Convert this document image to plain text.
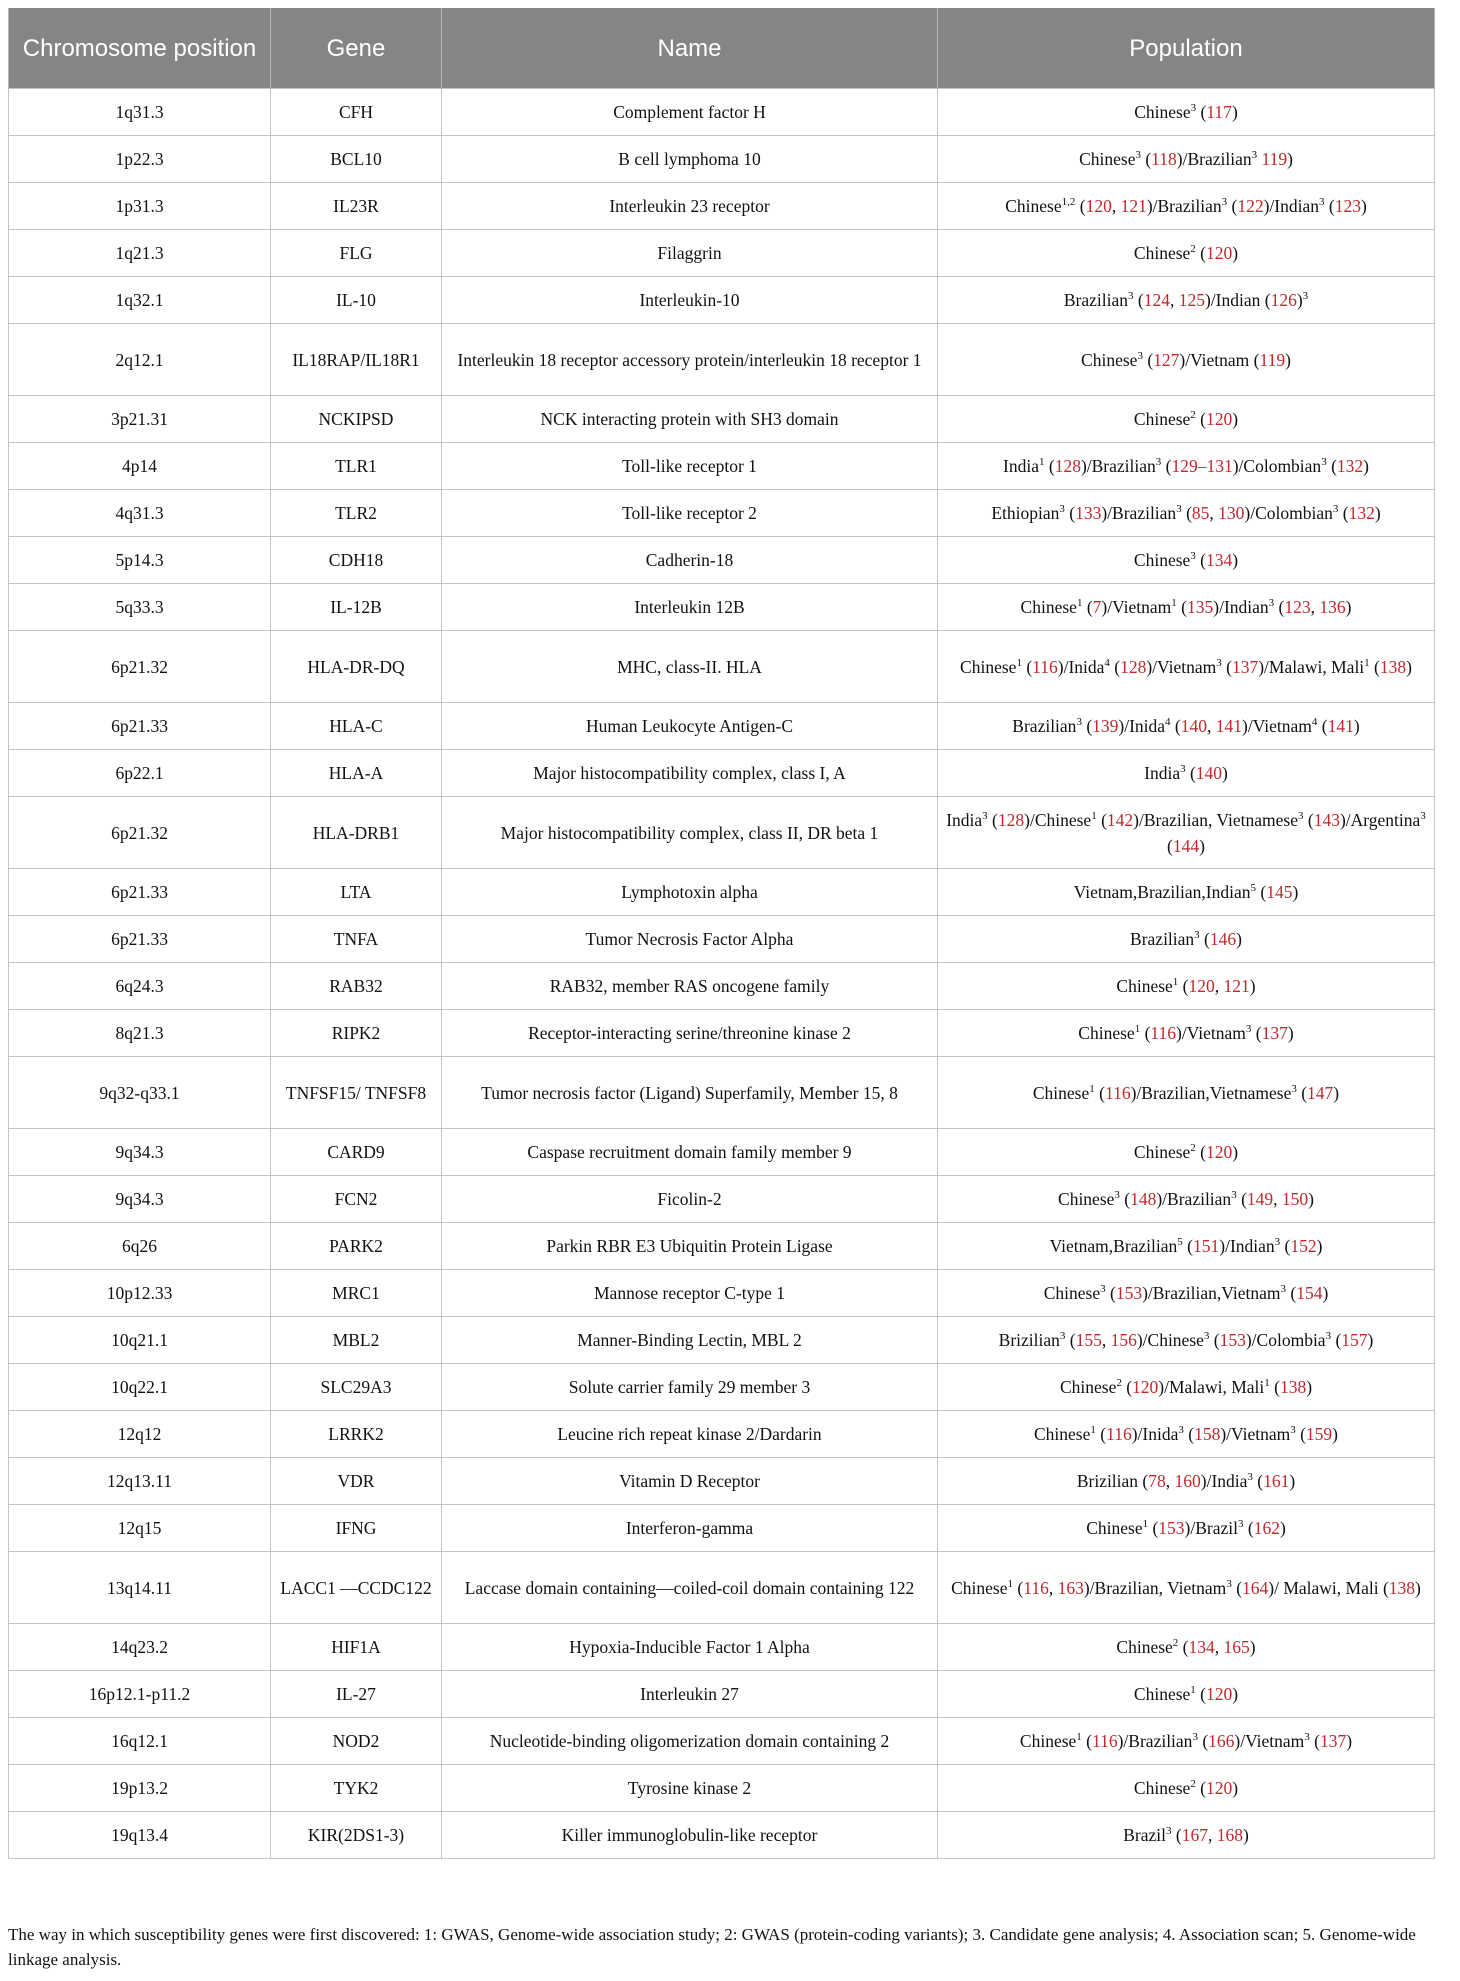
Chromosome position	Gene	Name	Population
1q31.3	CFH	Complement factor H	Chinese$^3$ (117)
1p22.3	BCL10	B cell lymphoma 10	Chinese$^3$ (118)/Brazilian$^3$ 119)
1p31.3	IL23R	Interleukin 23 receptor	Chinese$^{1,2}$ (120, 121)/Brazilian$^3$ (122)/Indian$^3$ (123)
1q21.3	FLG	Filaggrin	Chinese$^2$ (120)
1q32.1	IL-10	Interleukin-10	Brazilian$^3$ (124, 125)/Indian $(126)^3$
2q12.1	IL18RAP/IL18R1	Interleukin 18 receptor accessory protein/interleukin 18 receptor 1	Chinese$^3$ (127)/Vietnam (119)
3p21.31	NCKIPSD	NCK interacting protein with SH3 domain	Chinese$^2$ (120)
4p14	TLR1	Toll-like receptor 1	India$^1$ (128)/Brazilian$^3$ (129–131)/Colombian$^3$ (132)
4q31.3	TLR2	Toll-like receptor 2	Ethiopian$^3$ (133)/Brazilian$^3$ (85, 130)/Colombian$^3$ (132)
5p14.3	CDH18	Cadherin-18	Chinese$^3$ (134)
5q33.3	IL-12B	Interleukin 12B	Chinese$^1$ (7)/Vietnam$^1$ (135)/Indian$^3$ (123, 136)
6p21.32	HLA-DR-DQ	MHC, class-II. HLA	Chinese$^1$ (116)/Inida$^4$ (128)/Vietnam$^3$ (137)/Malawi, Mali$^1$ (138)
6p21.33	HLA-C	Human Leukocyte Antigen-C	Brazilian$^3$ (139)/Inida$^4$ (140, 141)/Vietnam$^4$ (141)
6p22.1	HLA-A	Major histocompatibility complex, class I, A	India$^3$ (140)
6p21.32	HLA-DRB1	Major histocompatibility complex, class II, DR beta 1	India$^3$ (128)/Chinese$^1$ (142)/Brazilian, Vietnamese$^3$ (143)/Argentina$^3$ (144)
6p21.33	LTA	Lymphotoxin alpha	Vietnam,Brazilian,Indian$^5$ (145)
6p21.33	TNFA	Tumor Necrosis Factor Alpha	Brazilian$^3$ (146)
6q24.3	RAB32	RAB32, member RAS oncogene family	Chinese$^1$ (120, 121)
8q21.3	RIPK2	Receptor-interacting serine/threonine kinase 2	Chinese$^1$ (116)/Vietnam$^3$ (137)
9q32-q33.1	TNFSF15/ TNFSF8	Tumor necrosis factor (Ligand) Superfamily, Member 15, 8	Chinese$^1$ (116)/Brazilian,Vietnamese$^3$ (147)
9q34.3	CARD9	Caspase recruitment domain family member 9	Chinese$^2$ (120)
9q34.3	FCN2	Ficolin-2	Chinese$^3$ (148)/Brazilian$^3$ (149, 150)
6q26	PARK2	Parkin RBR E3 Ubiquitin Protein Ligase	Vietnam,Brazilian$^5$ (151)/Indian$^3$ (152)
10p12.33	MRC1	Mannose receptor C-type 1	Chinese$^3$ (153)/Brazilian,Vietnam$^3$ (154)
10q21.1	MBL2	Manner-Binding Lectin, MBL 2	Brizilian$^3$ (155, 156)/Chinese$^3$ (153)/Colombia$^3$ (157)
10q22.1	SLC29A3	Solute carrier family 29 member 3	Chinese$^2$ (120)/Malawi, Mali$^1$ (138)
12q12	LRRK2	Leucine rich repeat kinase 2/Dardarin	Chinese$^1$ (116)/Inida$^3$ (158)/Vietnam$^3$ (159)
12q13.11	VDR	Vitamin D Receptor	Brizilian (78, 160)/India$^3$ (161)
12q15	IFNG	Interferon-gamma	Chinese$^1$ (153)/Brazil$^3$ (162)
13q14.11	LACC1 —CCDC122	Laccase domain containing—coiled-coil domain containing 122	Chinese$^1$ (116, 163)/Brazilian, Vietnam$^3$ (164)/ Malawi, Mali (138)
14q23.2	HIF1A	Hypoxia-Inducible Factor 1 Alpha	Chinese$^2$ (134, 165)
16p12.1-p11.2	IL-27	Interleukin 27	Chinese$^1$ (120)
16q12.1	NOD2	Nucleotide-binding oligomerization domain containing 2	Chinese$^1$ (116)/Brazilian$^3$ (166)/Vietnam$^3$ (137)
19p13.2	TYK2	Tyrosine kinase 2	Chinese$^2$ (120)
19q13.4	KIR(2DS1-3)	Killer immunoglobulin-like receptor	Brazil$^3$ (167, 168)
The way in which susceptibility genes were first discovered: 1: GWAS, Genome-wide association study; 2: GWAS (protein-coding variants); 3. Candidate gene analysis; 4. Association scan; 5. Genome-wide linkage analysis.
